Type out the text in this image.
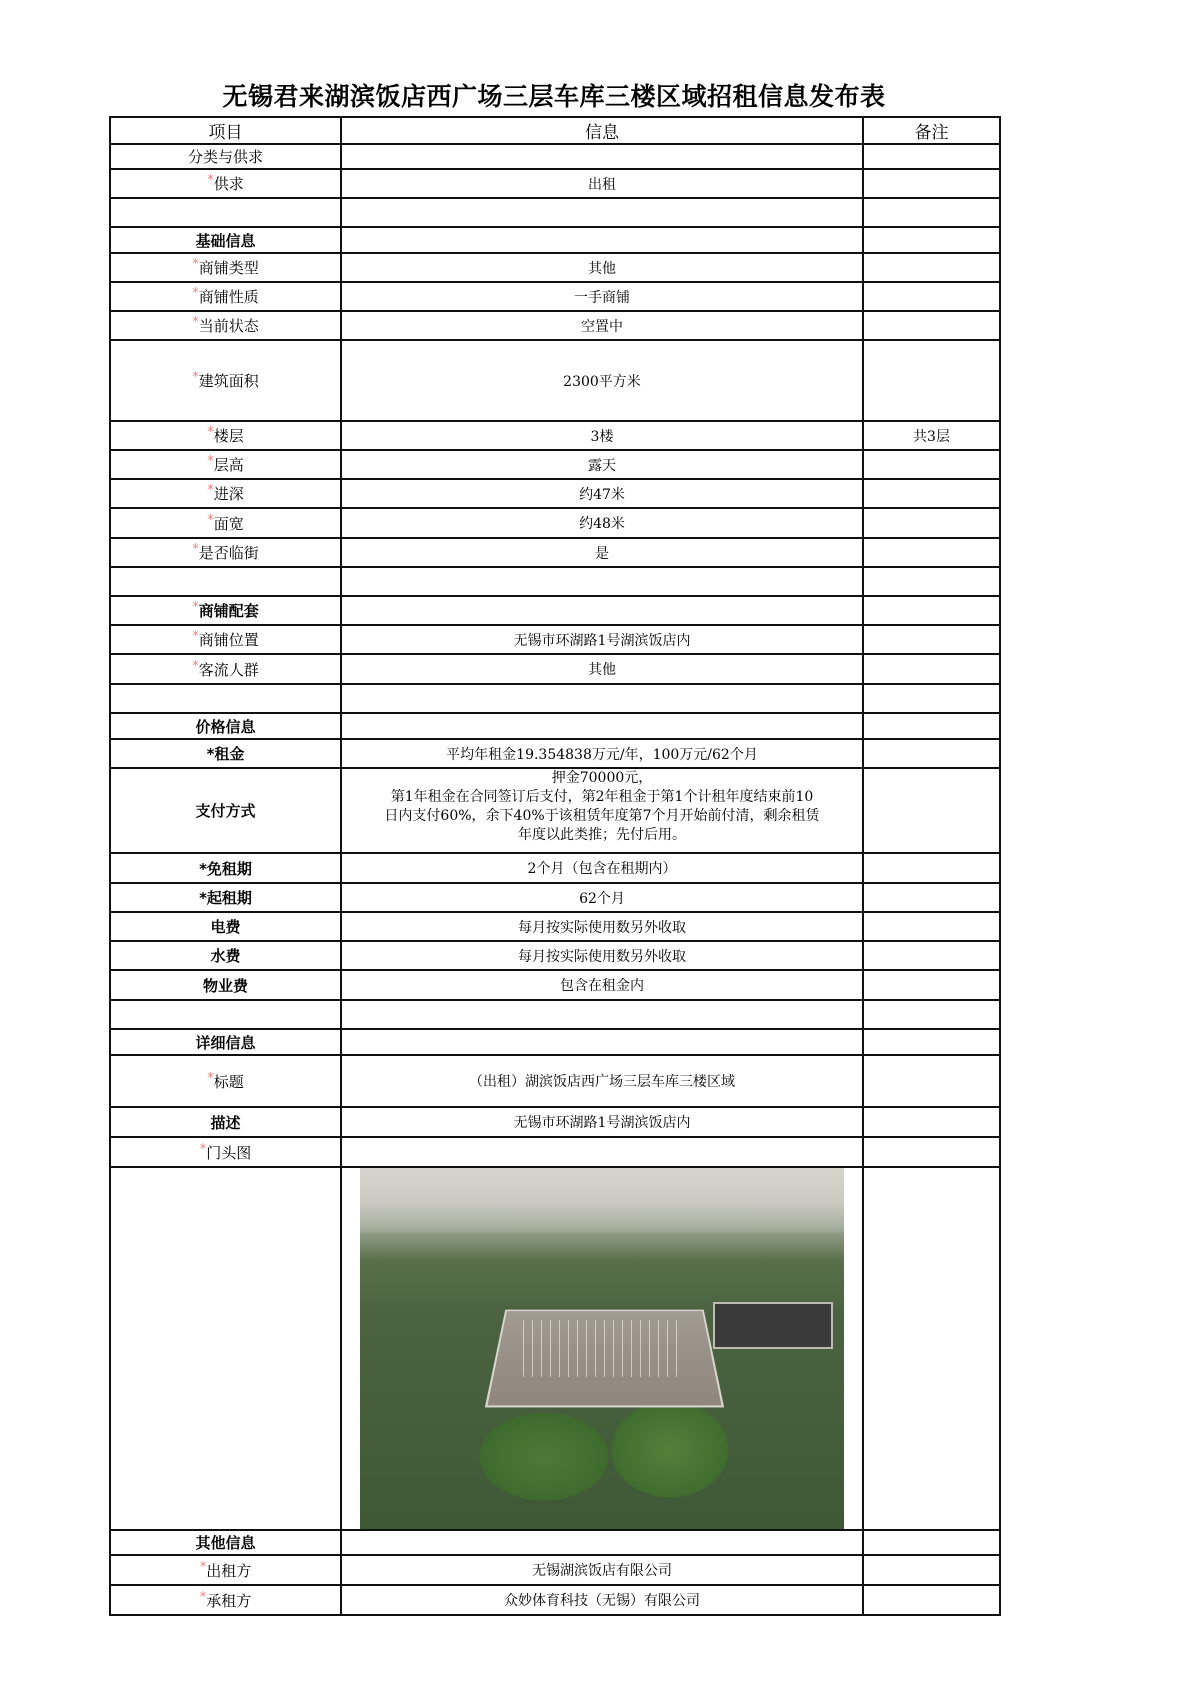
无锡君来湖滨饭店西广场三层车库三楼区域招租信息发布表
项目	信息	备注
分类与供求		
*供求	出租	

基础信息		
*商铺类型	其他	
*商铺性质	一手商铺	
*当前状态	空置中	
*建筑面积	2300平方米	
*楼层	3楼	共3层
*层高	露天	
*进深	约47米	
*面宽	约48米	
*是否临街	是	

*商铺配套		
*商铺位置	无锡市环湖路1号湖滨饭店内	
*客流人群	其他	

价格信息		
*租金	平均年租金19.354838万元/年，100万元/62个月	
支付方式	押金70000元，
第1年租金在合同签订后支付，第2年租金于第1个计租年度结束前10
日内支付60%，余下40%于该租赁年度第7个月开始前付清，剩余租赁
年度以此类推；先付后用。	

*免租期	2个月（包含在租期内）	
*起租期	62个月	
电费	每月按实际使用数另外收取	
水费	每月按实际使用数另外收取	
物业费	包含在租金内	

详细信息		
*标题	（出租）湖滨饭店西广场三层车库三楼区域	
描述	无锡市环湖路1号湖滨饭店内	
*门头图		

其他信息		
*出租方	无锡湖滨饭店有限公司	
*承租方	众妙体育科技（无锡）有限公司	
